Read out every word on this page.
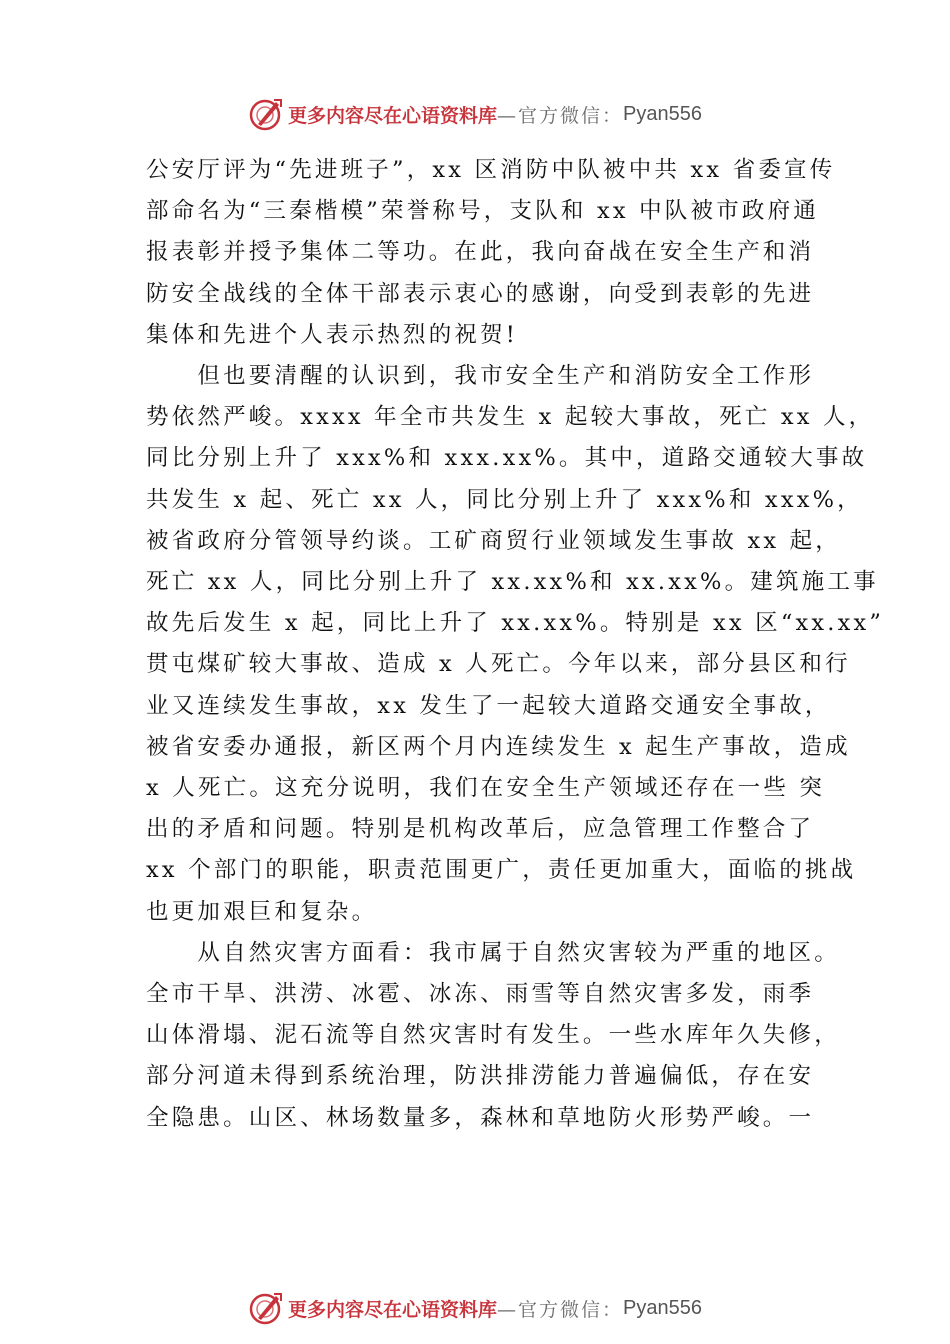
更多内容尽在心语资料库 —官方微信： Pyan556
公安厅评为“先进班子”，xx 区消防中队被中共 xx 省委宣传
部命名为“三秦楷模”荣誉称号，支队和 xx 中队被市政府通
报表彰并授予集体二等功。在此，我向奋战在安全生产和消
防安全战线的全体干部表示衷心的感谢，向受到表彰的先进
集体和先进个人表示热烈的祝贺!
　　但也要清醒的认识到，我市安全生产和消防安全工作形
势依然严峻。xxxx 年全市共发生 x 起较大事故，死亡 xx 人，
同比分别上升了 xxx%和 xxx.xx%。其中，道路交通较大事故
共发生 x 起、死亡 xx 人，同比分别上升了 xxx%和 xxx%，
被省政府分管领导约谈。工矿商贸行业领域发生事故 xx 起，
死亡 xx 人，同比分别上升了 xx.xx%和 xx.xx%。建筑施工事
故先后发生 x 起，同比上升了 xx.xx%。特别是 xx 区“xx.xx”
贯屯煤矿较大事故、造成 x 人死亡。今年以来，部分县区和行
业又连续发生事故，xx 发生了一起较大道路交通安全事故，
被省安委办通报，新区两个月内连续发生 x 起生产事故，造成
x 人死亡。这充分说明，我们在安全生产领域还存在一些 突
出的矛盾和问题。特别是机构改革后，应急管理工作整合了
xx 个部门的职能，职责范围更广，责任更加重大，面临的挑战
也更加艰巨和复杂。
　　从自然灾害方面看：我市属于自然灾害较为严重的地区。
全市干旱、洪涝、冰雹、冰冻、雨雪等自然灾害多发，雨季
山体滑塌、泥石流等自然灾害时有发生。一些水库年久失修，
部分河道未得到系统治理，防洪排涝能力普遍偏低，存在安
全隐患。山区、林场数量多，森林和草地防火形势严峻。一
更多内容尽在心语资料库 —官方微信： Pyan556
